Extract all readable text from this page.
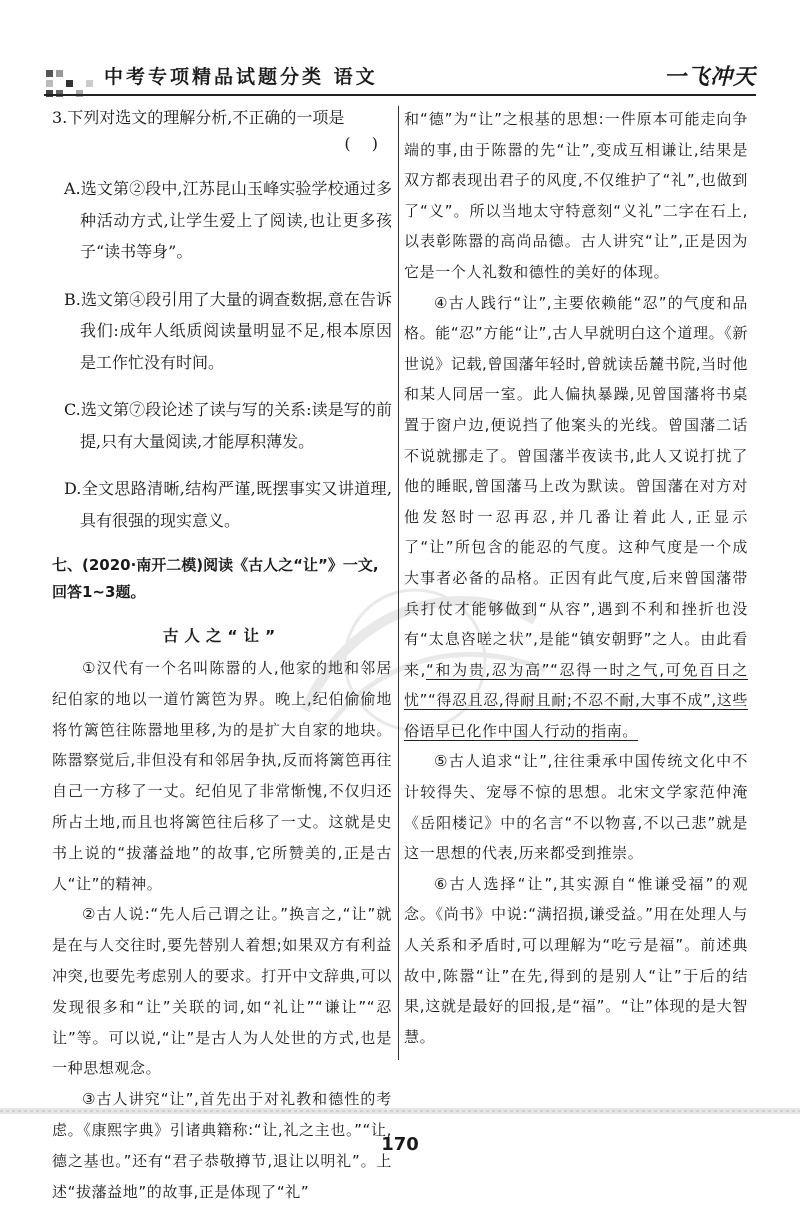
中考专项精品试题分类 语文	一飞冲天

3.下列对选文的理解分析,不正确的一项是

( )

A.选文第②段中,江苏昆山玉峰实验学校通过多种活动方式,让学生爱上了阅读,也让更多孩子“读书等身”。

B.选文第④段引用了大量的调查数据,意在告诉我们:成年人纸质阅读量明显不足,根本原因是工作忙没有时间。

C.选文第⑦段论述了读与写的关系:读是写的前提,只有大量阅读,才能厚积薄发。

D.全文思路清晰,结构严谨,既摆事实又讲道理,具有很强的现实意义。

七、(2020·南开二模)阅读《古人之“让”》一文,回答1~3题。

古人之“让”

①汉代有一个名叫陈嚣的人,他家的地和邻居纪伯家的地以一道竹篱笆为界。晚上,纪伯偷偷地将竹篱笆往陈嚣地里移,为的是扩大自家的地块。陈嚣察觉后,非但没有和邻居争执,反而将篱笆再往自己一方移了一丈。纪伯见了非常惭愧,不仅归还所占土地,而且也将篱笆往后移了一丈。这就是史书上说的“拔藩益地”的故事,它所赞美的,正是古人“让”的精神。

②古人说:“先人后己谓之让。”换言之,“让”就是在与人交往时,要先替别人着想;如果双方有利益冲突,也要先考虑别人的要求。打开中文辞典,可以发现很多和“让”关联的词,如“礼让”“谦让”“忍让”等。可以说,“让”是古人为人处世的方式,也是一种思想观念。

③古人讲究“让”,首先出于对礼教和德性的考虑。《康熙字典》引诸典籍称:“让,礼之主也。”“让,德之基也。”还有“君子恭敬撙节,退让以明礼”。上述“拔藩益地”的故事,正是体现了“礼”

和“德”为“让”之根基的思想:一件原本可能走向争端的事,由于陈嚣的先“让”,变成互相谦让,结果是双方都表现出君子的风度,不仅维护了“礼”,也做到了“义”。所以当地太守特意刻“义礼”二字在石上,以表彰陈嚣的高尚品德。古人讲究“让”,正是因为它是一个人礼数和德性的美好的体现。

④古人践行“让”,主要依赖能“忍”的气度和品格。能“忍”方能“让”,古人早就明白这个道理。《新世说》记载,曾国藩年轻时,曾就读岳麓书院,当时他和某人同居一室。此人偏执暴躁,见曾国藩将书桌置于窗户边,便说挡了他案头的光线。曾国藩二话不说就挪走了。曾国藩半夜读书,此人又说打扰了他的睡眠,曾国藩马上改为默读。曾国藩在对方对他发怒时一忍再忍,并几番让着此人,正显示了“让”所包含的能忍的气度。这种气度是一个成大事者必备的品格。正因有此气度,后来曾国藩带兵打仗才能够做到“从容”,遇到不利和挫折也没有“太息咨嗟之状”,是能“镇安朝野”之人。由此看来,“和为贵,忍为高”“忍得一时之气,可免百日之忧”“得忍且忍,得耐且耐;不忍不耐,大事不成”,这些俗语早已化作中国人行动的指南。

⑤古人追求“让”,往往秉承中国传统文化中不计较得失、宠辱不惊的思想。北宋文学家范仲淹《岳阳楼记》中的名言“不以物喜,不以己悲”就是这一思想的代表,历来都受到推崇。

⑥古人选择“让”,其实源自“惟谦受福”的观念。《尚书》中说:“满招损,谦受益。”用在处理人与人关系和矛盾时,可以理解为“吃亏是福”。前述典故中,陈嚣“让”在先,得到的是别人“让”于后的结果,这就是最好的回报,是“福”。“让”体现的是大智慧。

170
